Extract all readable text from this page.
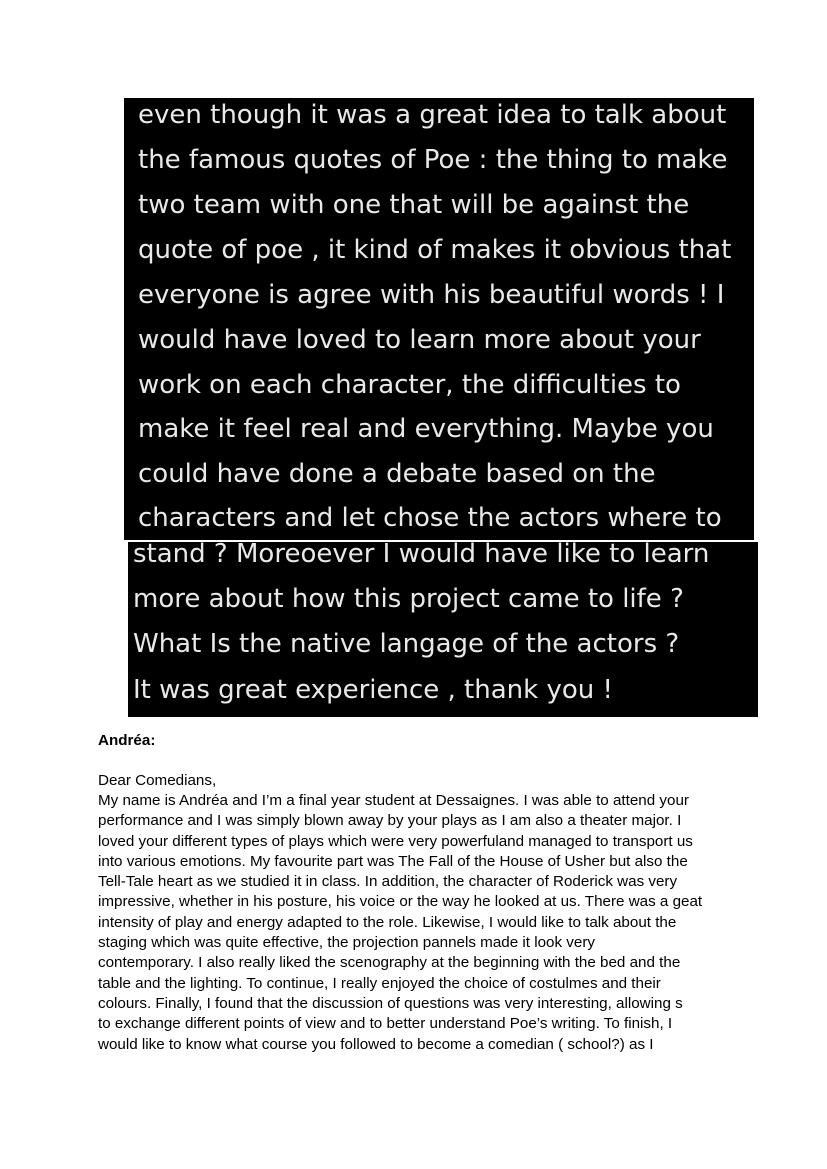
even though it was a great idea to talk about
the famous quotes of Poe : the thing to make
two team with one that will be against the
quote of poe , it kind of makes it obvious that
everyone is agree with his beautiful words ! I
would have loved to learn more about your
work on each character, the difficulties to
make it feel real and everything. Maybe you
could have done a debate based on the
characters and let chose the actors where to
stand ? Moreoever I would have like to learn
more about how this project came to life ?
What Is the native langage of the actors ?
It was great experience , thank you !
Andréa:
Dear Comedians,
My name is Andréa and I’m a final year student at Dessaignes. I was able to attend your
performance and I was simply blown away by your plays as I am also a theater major. I
loved your different types of plays which were very powerfuland managed to transport us
into various emotions. My favourite part was The Fall of the House of Usher but also the
Tell-Tale heart as we studied it in class. In addition, the character of Roderick was very
impressive, whether in his posture, his voice or the way he looked at us. There was a geat
intensity of play and energy adapted to the role. Likewise, I would like to talk about the
staging which was quite effective, the projection pannels made it look very
contemporary. I also really liked the scenography at the beginning with the bed and the
table and the lighting. To continue, I really enjoyed the choice of costulmes and their
colours. Finally, I found that the discussion of questions was very interesting, allowing s
to exchange different points of view and to better understand Poe’s writing. To finish, I
would like to know what course you followed to become a comedian ( school?) as I
